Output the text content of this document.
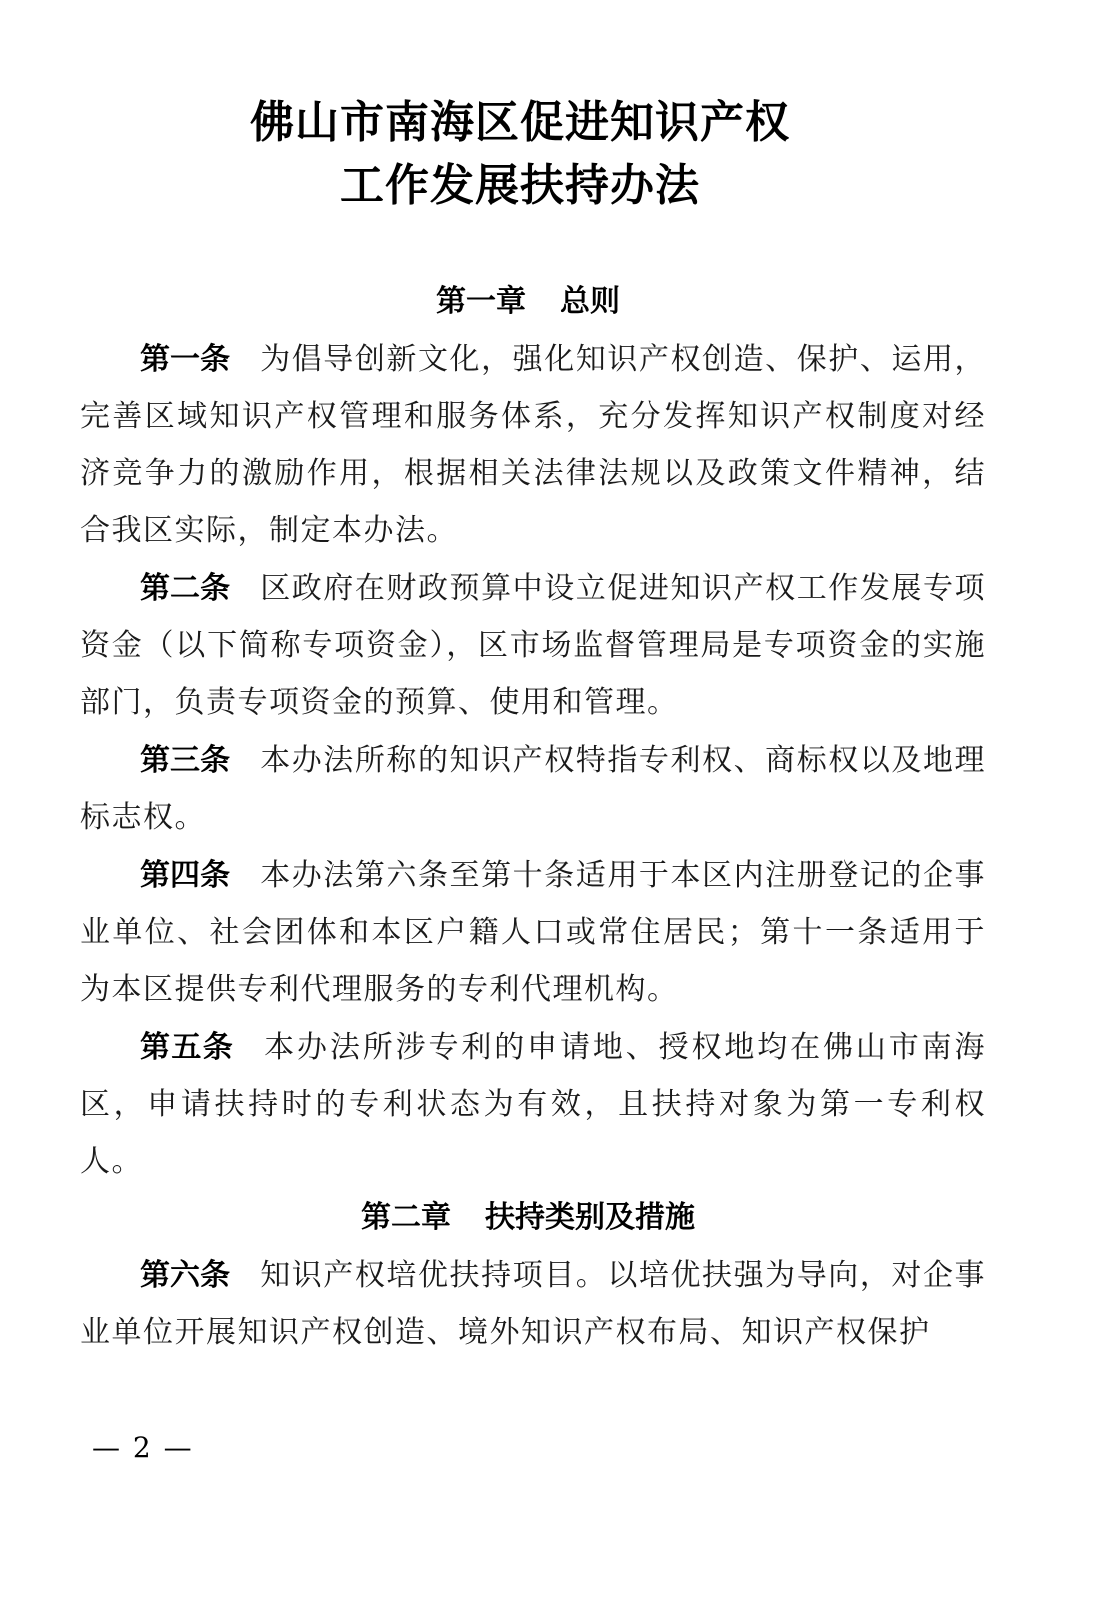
佛山市南海区促进知识产权
工作发展扶持办法
第一章 总则
第一条 为倡导创新文化，强化知识产权创造、保护、运用，完善区域知识产权管理和服务体系，充分发挥知识产权制度对经济竞争力的激励作用，根据相关法律法规以及政策文件精神，结合我区实际，制定本办法。
第二条 区政府在财政预算中设立促进知识产权工作发展专项资金（以下简称专项资金），区市场监督管理局是专项资金的实施部门，负责专项资金的预算、使用和管理。
第三条 本办法所称的知识产权特指专利权、商标权以及地理标志权。
第四条 本办法第六条至第十条适用于本区内注册登记的企事业单位、社会团体和本区户籍人口或常住居民；第十一条适用于为本区提供专利代理服务的专利代理机构。
第五条 本办法所涉专利的申请地、授权地均在佛山市南海区，申请扶持时的专利状态为有效，且扶持对象为第一专利权人。
第二章 扶持类别及措施
第六条 知识产权培优扶持项目。以培优扶强为导向，对企事业单位开展知识产权创造、境外知识产权布局、知识产权保护
— 2 —
